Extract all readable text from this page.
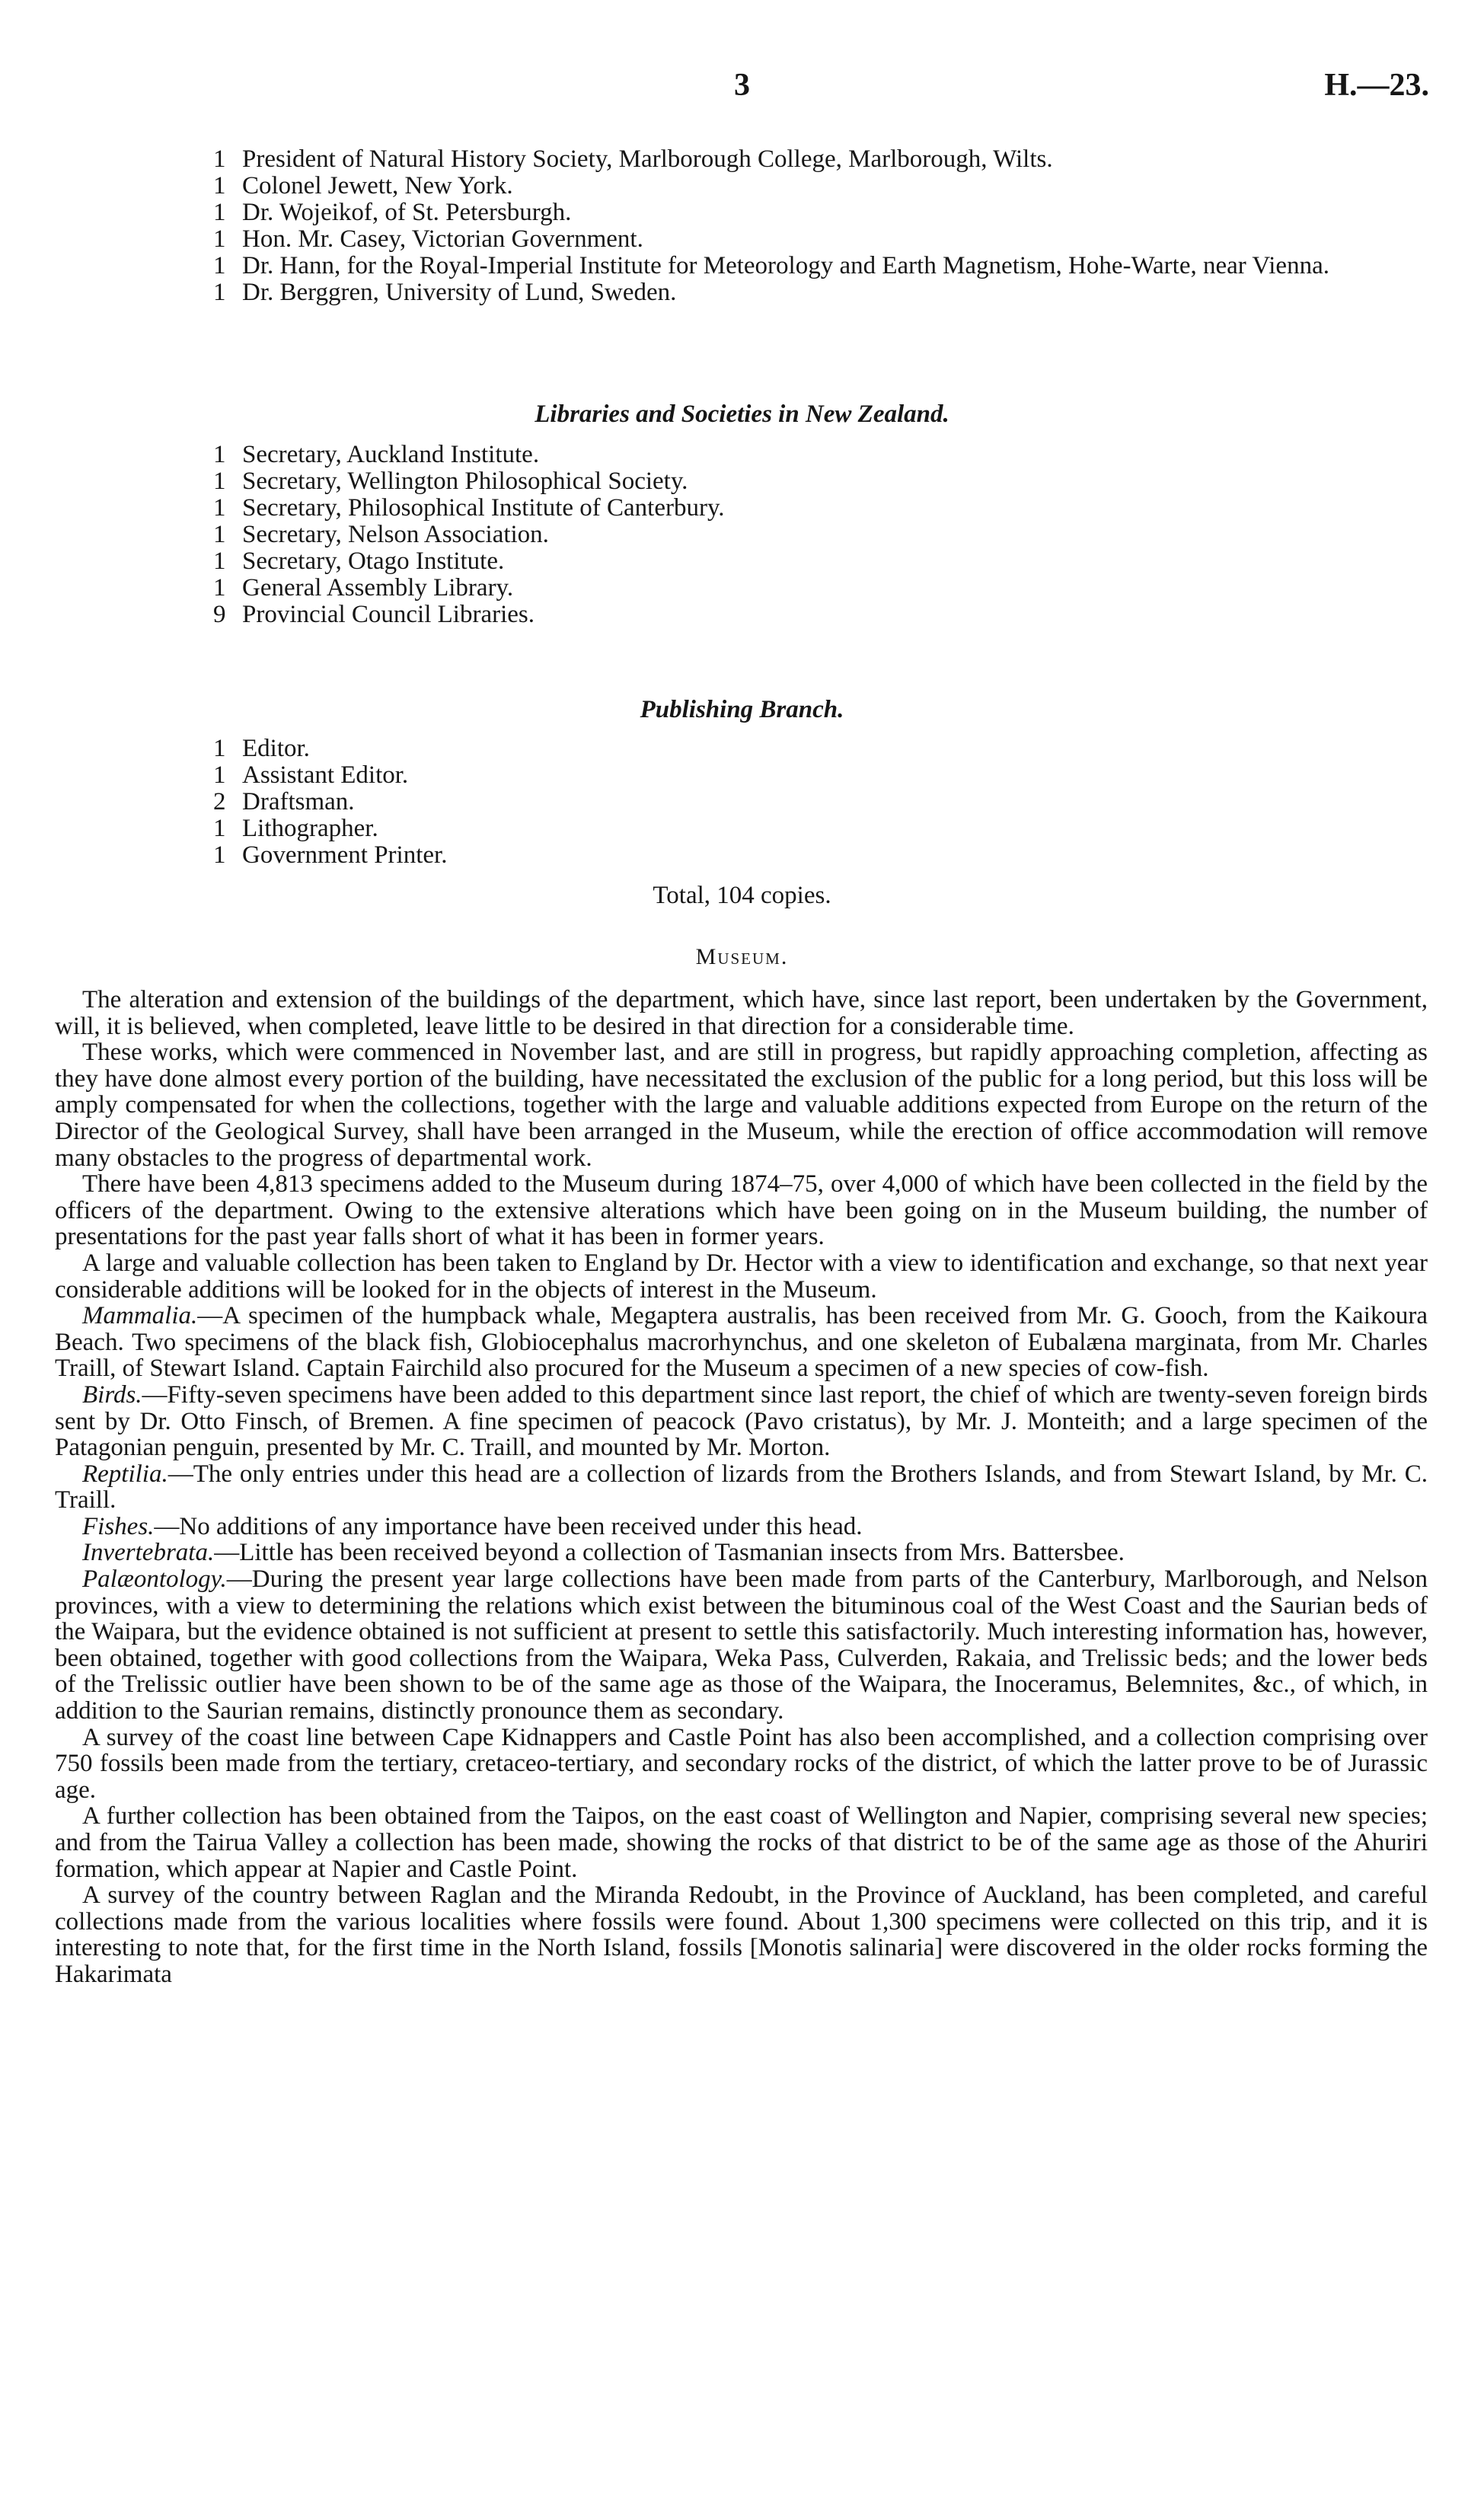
3	H.—23.
1 President of Natural History Society, Marlborough College, Marlborough, Wilts.
1 Colonel Jewett, New York.
1 Dr. Wojeikof, of St. Petersburgh.
1 Hon. Mr. Casey, Victorian Government.
1 Dr. Hann, for the Royal-Imperial Institute for Meteorology and Earth Magnetism, Hohe-Warte, near Vienna.
1 Dr. Berggren, University of Lund, Sweden.
Libraries and Societies in New Zealand.
1 Secretary, Auckland Institute.
1 Secretary, Wellington Philosophical Society.
1 Secretary, Philosophical Institute of Canterbury.
1 Secretary, Nelson Association.
1 Secretary, Otago Institute.
1 General Assembly Library.
9 Provincial Council Libraries.
Publishing Branch.
1 Editor.
1 Assistant Editor.
2 Draftsman.
1 Lithographer.
1 Government Printer.
Total, 104 copies.
Museum.

The alteration and extension of the buildings of the department, which have, since last report, been undertaken by the Government, will, it is believed, when completed, leave little to be desired in that direction for a considerable time.

These works, which were commenced in November last, and are still in progress, but rapidly approaching completion, affecting as they have done almost every portion of the building, have necessitated the exclusion of the public for a long period, but this loss will be amply compensated for when the collections, together with the large and valuable additions expected from Europe on the return of the Director of the Geological Survey, shall have been arranged in the Museum, while the erection of office accommodation will remove many obstacles to the progress of departmental work.

There have been 4,813 specimens added to the Museum during 1874–75, over 4,000 of which have been collected in the field by the officers of the department. Owing to the extensive alterations which have been going on in the Museum building, the number of presentations for the past year falls short of what it has been in former years.

A large and valuable collection has been taken to England by Dr. Hector with a view to identification and exchange, so that next year considerable additions will be looked for in the objects of interest in the Museum.

Mammalia.—A specimen of the humpback whale, Megaptera australis, has been received from Mr. G. Gooch, from the Kaikoura Beach. Two specimens of the black fish, Globiocephalus macrorhynchus, and one skeleton of Eubalæna marginata, from Mr. Charles Traill, of Stewart Island. Captain Fairchild also procured for the Museum a specimen of a new species of cow-fish.

Birds.—Fifty-seven specimens have been added to this department since last report, the chief of which are twenty-seven foreign birds sent by Dr. Otto Finsch, of Bremen. A fine specimen of peacock (Pavo cristatus), by Mr. J. Monteith; and a large specimen of the Patagonian penguin, presented by Mr. C. Traill, and mounted by Mr. Morton.

Reptilia.—The only entries under this head are a collection of lizards from the Brothers Islands, and from Stewart Island, by Mr. C. Traill.

Fishes.—No additions of any importance have been received under this head.

Invertebrata.—Little has been received beyond a collection of Tasmanian insects from Mrs. Battersbee.

Palæontology.—During the present year large collections have been made from parts of the Canterbury, Marlborough, and Nelson provinces, with a view to determining the relations which exist between the bituminous coal of the West Coast and the Saurian beds of the Waipara, but the evidence obtained is not sufficient at present to settle this satisfactorily. Much interesting information has, however, been obtained, together with good collections from the Waipara, Weka Pass, Culverden, Rakaia, and Trelissic beds; and the lower beds of the Trelissic outlier have been shown to be of the same age as those of the Waipara, the Inoceramus, Belemnites, &c., of which, in addition to the Saurian remains, distinctly pronounce them as secondary.

A survey of the coast line between Cape Kidnappers and Castle Point has also been accomplished, and a collection comprising over 750 fossils been made from the tertiary, cretaceo-tertiary, and secondary rocks of the district, of which the latter prove to be of Jurassic age.

A further collection has been obtained from the Taipos, on the east coast of Wellington and Napier, comprising several new species; and from the Tairua Valley a collection has been made, showing the rocks of that district to be of the same age as those of the Ahuriri formation, which appear at Napier and Castle Point.

A survey of the country between Raglan and the Miranda Redoubt, in the Province of Auckland, has been completed, and careful collections made from the various localities where fossils were found. About 1,300 specimens were collected on this trip, and it is interesting to note that, for the first time in the North Island, fossils [Monotis salinaria] were discovered in the older rocks forming the Hakarimata
